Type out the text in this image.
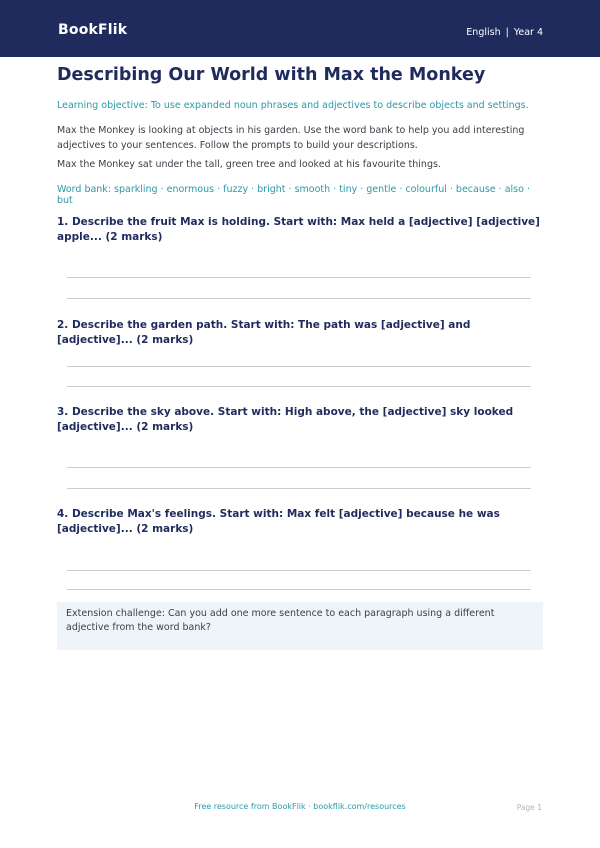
BookFlik	English | Year 4
Describing Our World with Max the Monkey
Learning objective: To use expanded noun phrases and adjectives to describe objects and settings.
Max the Monkey is looking at objects in his garden. Use the word bank to help you add interesting adjectives to your sentences. Follow the prompts to build your descriptions.
Max the Monkey sat under the tall, green tree and looked at his favourite things.
Word bank: sparkling · enormous · fuzzy · bright · smooth · tiny · gentle · colourful · because · also · but
1. Describe the fruit Max is holding. Start with: Max held a [adjective] [adjective] apple... (2 marks)
2. Describe the garden path. Start with: The path was [adjective] and [adjective]... (2 marks)
3. Describe the sky above. Start with: High above, the [adjective] sky looked [adjective]... (2 marks)
4. Describe Max's feelings. Start with: Max felt [adjective] because he was [adjective]... (2 marks)
Extension challenge: Can you add one more sentence to each paragraph using a different adjective from the word bank?
Free resource from BookFlik · bookflik.com/resources	Page 1
